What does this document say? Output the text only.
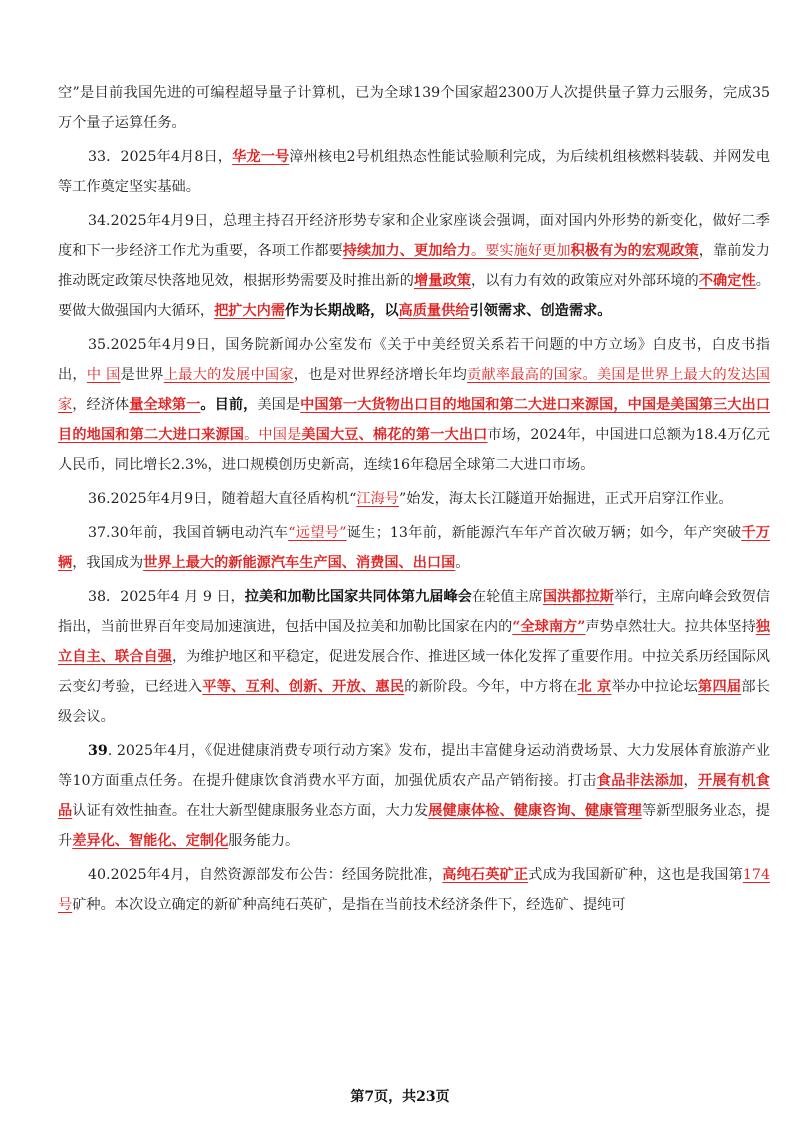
空”是目前我国先进的可编程超导量子计算机，已为全球139个国家超2300万人次提供量子算力云服务，完成35万个量子运算任务。

33．2025年4月8日，华龙一号漳州核电2号机组热态性能试验顺利完成，为后续机组核燃料装载、并网发电等工作奠定坚实基础。

34.2025年4月9日，总理主持召开经济形势专家和企业家座谈会强调，面对国内外形势的新变化，做好二季度和下一步经济工作尤为重要，各项工作都要持续加力、更加给力。要实施好更加积极有为的宏观政策，靠前发力推动既定政策尽快落地见效，根据形势需要及时推出新的增量政策，以有力有效的政策应对外部环境的不确定性。要做大做强国内大循环，把扩大内需作为长期战略，以高质量供给引领需求、创造需求。

35.2025年4月9日，国务院新闻办公室发布《关于中美经贸关系若干问题的中方立场》白皮书，白皮书指出，中 国是世界上最大的发展中国家，也是对世界经济增长年均贡献率最高的国家。美国是世界上最大的发达国家，经济体量全球第一。目前，美国是中国第一大货物出口目的地国和第二大进口来源国，中国是美国第三大出口目的地国和第二大进口来源国。中国是美国大豆、棉花的第一大出口市场，2024年，中国进口总额为18.4万亿元人民币，同比增长2.3%，进口规模创历史新高，连续16年稳居全球第二大进口市场。

36.2025年4月9日，随着超大直径盾构机“江海号”始发，海太长江隧道开始掘进，正式开启穿江作业。

37.30年前，我国首辆电动汽车“远望号”诞生；13年前，新能源汽车年产首次破万辆；如今，年产突破千万辆，我国成为世界上最大的新能源汽车生产国、消费国、出口国。

38．2025年4 月 9 日，拉美和加勒比国家共同体第九届峰会在轮值主席国洪都拉斯举行，主席向峰会致贺信指出，当前世界百年变局加速演进，包括中国及拉美和加勒比国家在内的“全球南方”声势卓然壮大。拉共体坚持独立自主、联合自强，为维护地区和平稳定，促进发展合作、推进区域一体化发挥了重要作用。中拉关系历经国际风云变幻考验，已经进入平等、互利、创新、开放、惠民的新阶段。今年，中方将在北 京举办中拉论坛第四届部长级会议。

39. 2025年4月，《促进健康消费专项行动方案》发布，提出丰富健身运动消费场景、大力发展体育旅游产业等10方面重点任务。在提升健康饮食消费水平方面，加强优质农产品产销衔接。打击食品非法添加，开展有机食品认证有效性抽查。在壮大新型健康服务业态方面，大力发展健康体检、健康咨询、健康管理等新型服务业态，提升差异化、智能化、定制化服务能力。

40.2025年4月，自然资源部发布公告：经国务院批准，高纯石英矿正式成为我国新矿种，这也是我国第174号矿种。本次设立确定的新矿种高纯石英矿，是指在当前技术经济条件下，经选矿、提纯可

第7页，共23页
